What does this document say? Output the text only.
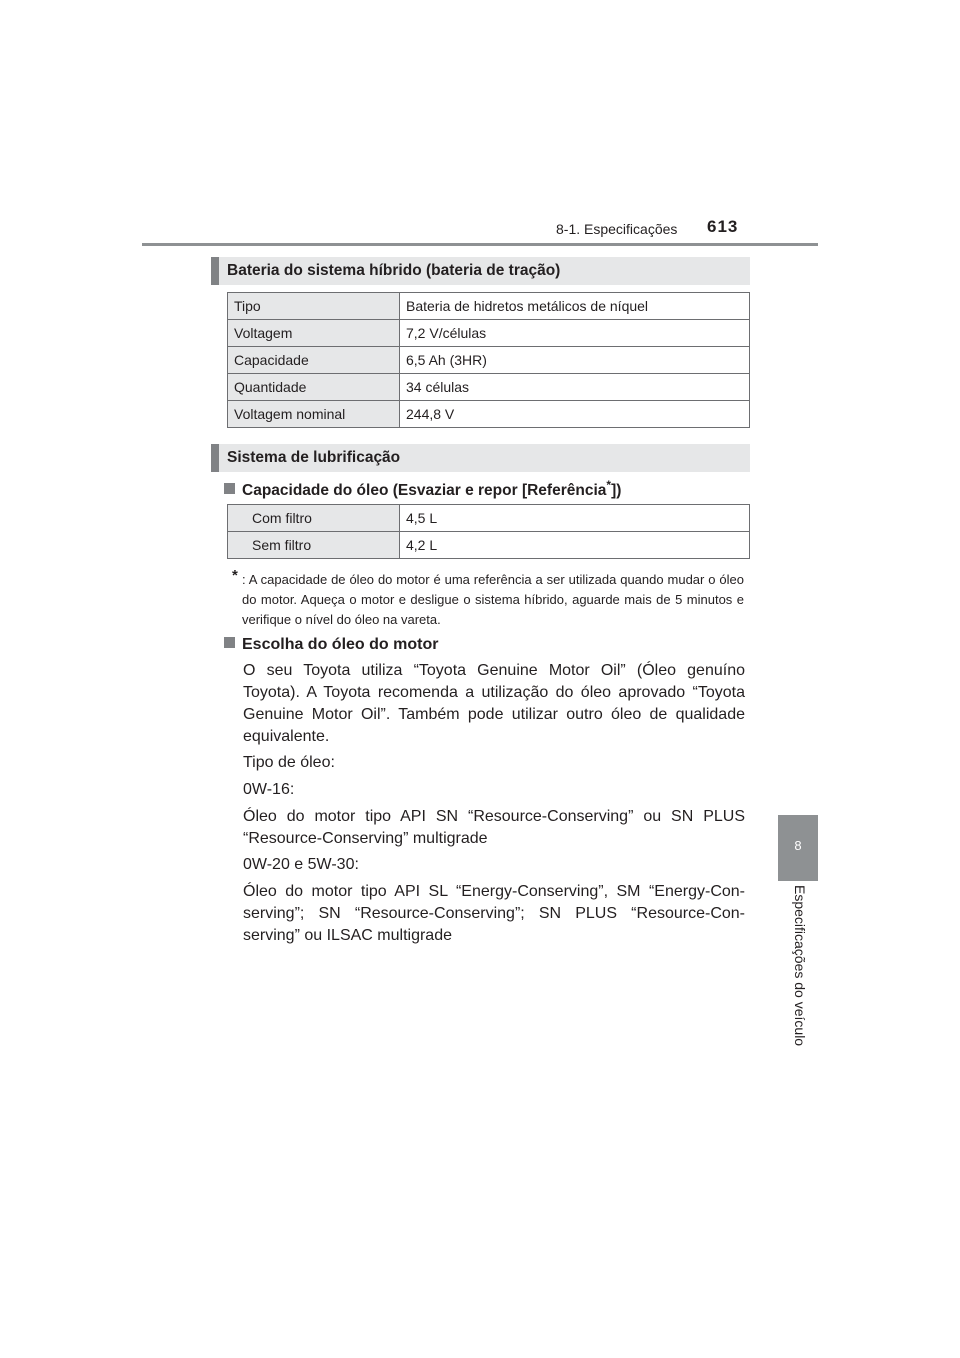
8-1. Especificações 613
8
Especificações do veículo
Bateria do sistema híbrido (bateria de tração)
Tipo	Bateria de hidretos metálicos de níquel
Voltagem	7,2 V/células
Capacidade	6,5 Ah (3HR)
Quantidade	34 células
Voltagem nominal	244,8 V
Sistema de lubrificação
Capacidade do óleo (Esvaziar e repor [Referência*])
Com filtro	4,5 L
Sem filtro	4,2 L
* : A capacidade de óleo do motor é uma referência a ser utilizada quando mudar o óleo do motor. Aqueça o motor e desligue o sistema híbrido, aguarde mais de 5 minutos e verifique o nível do óleo na vareta.
Escolha do óleo do motor
O seu Toyota utiliza “Toyota Genuine Motor Oil” (Óleo genuíno Toyota). A Toyota recomenda a utilização do óleo aprovado “Toyota Genuine Motor Oil”. Também pode utilizar outro óleo de qualidade equivalente.
Tipo de óleo:
0W-16:
Óleo do motor tipo API SN “Resource-Conserving” ou SN PLUS “Resource-Conserving” multigrade
0W-20 e 5W-30:
Óleo do motor tipo API SL “Energy-Conserving”, SM “Energy-Con-serving”; SN “Resource-Conserving”; SN PLUS “Resource-Con-serving” ou ILSAC multigrade
